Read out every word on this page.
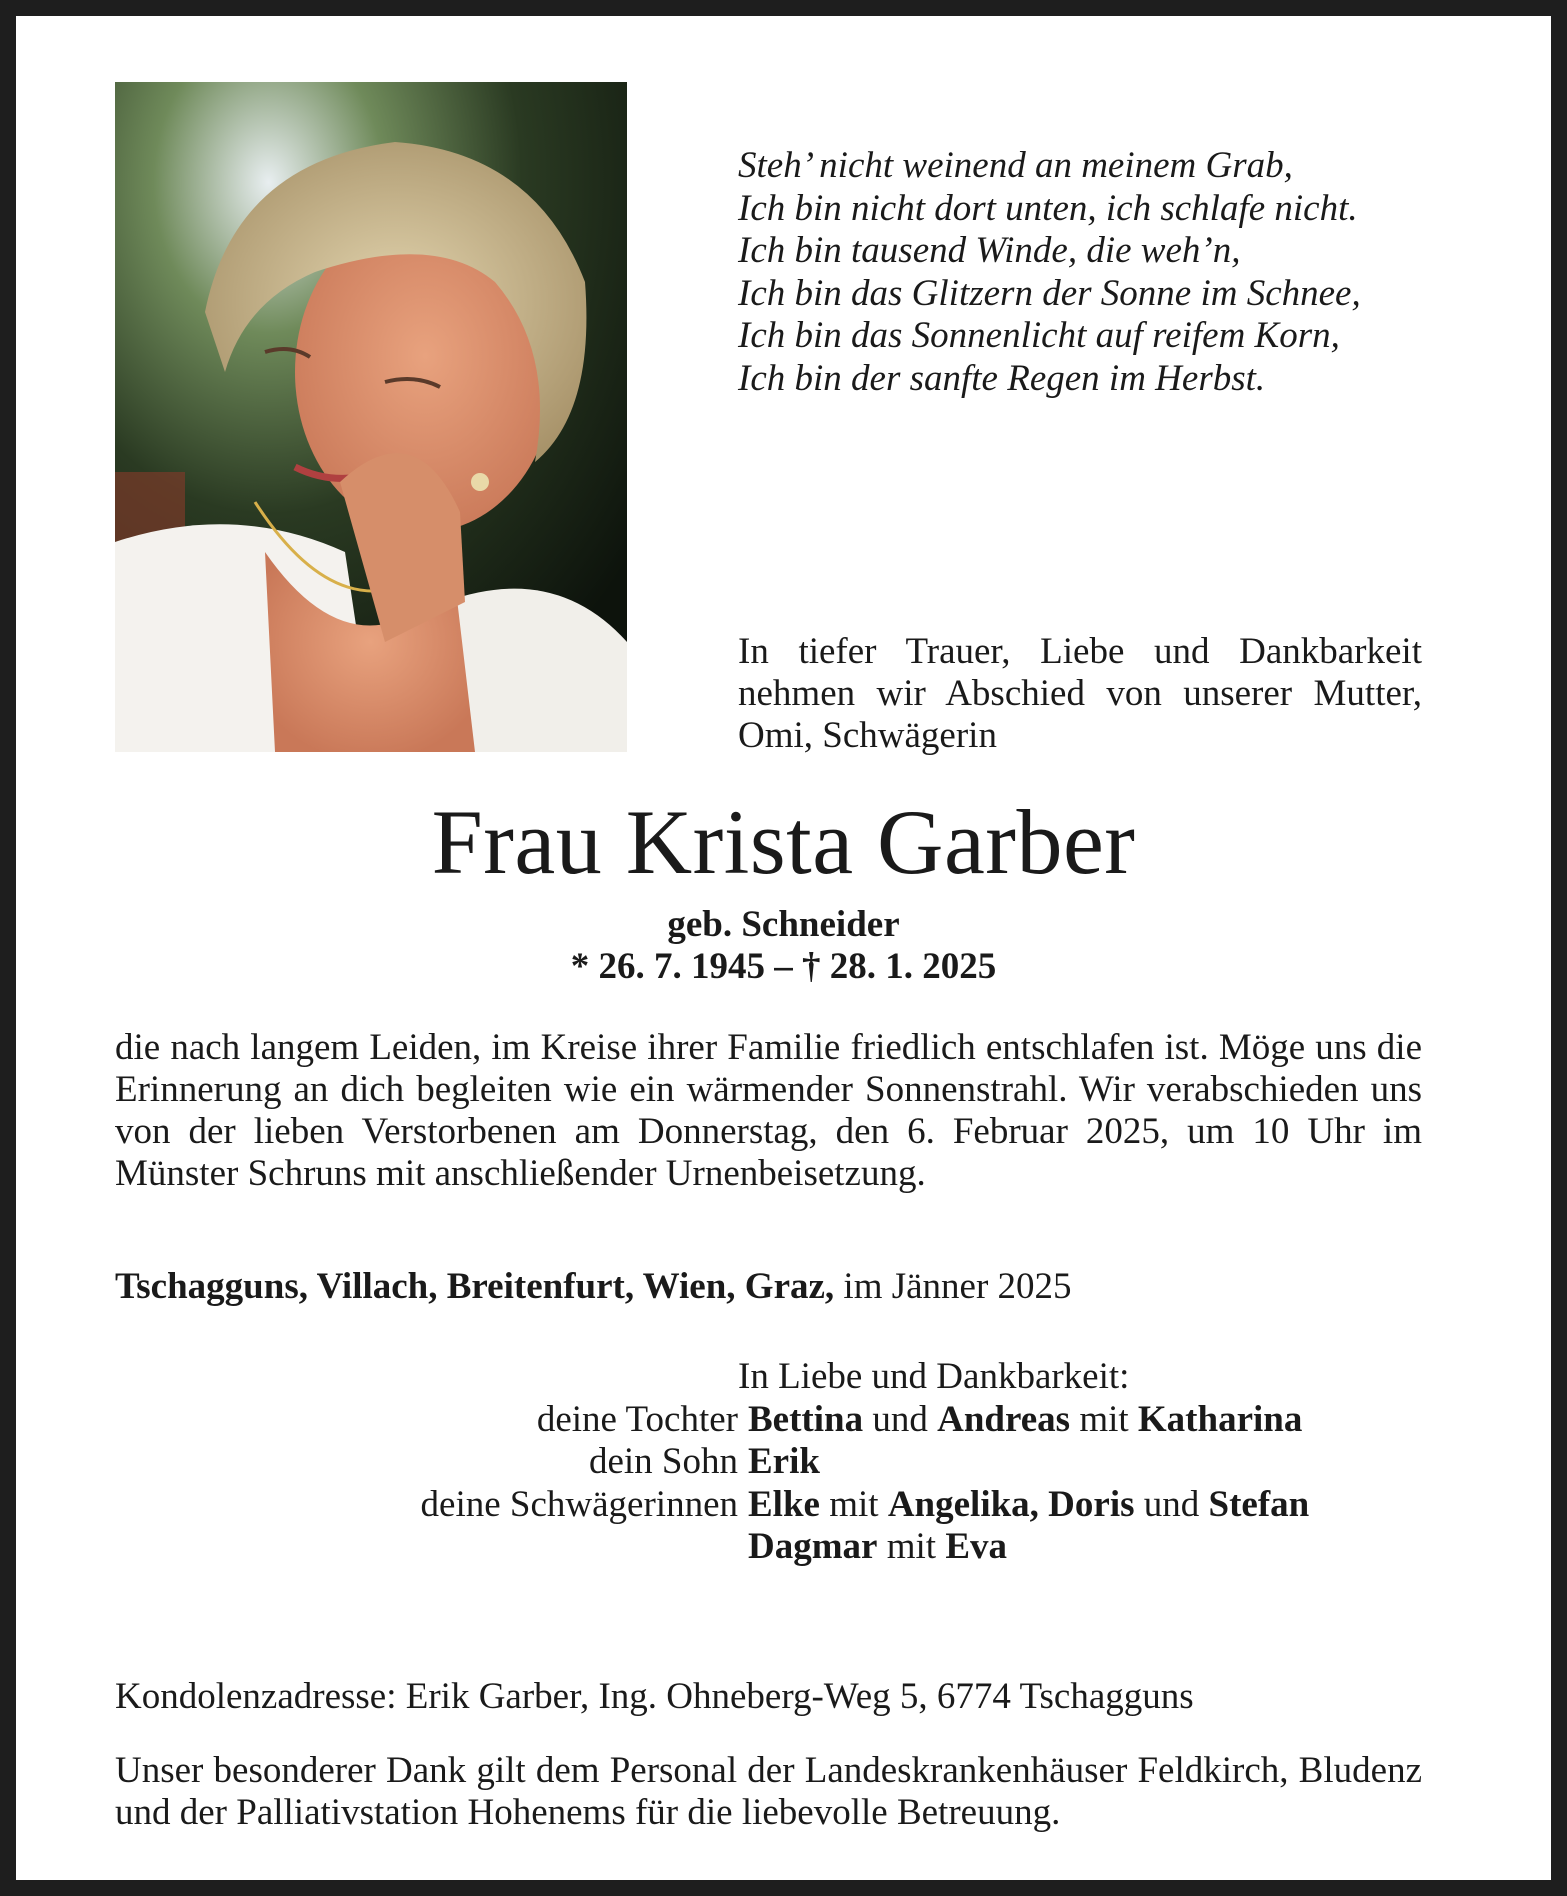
Steh’ nicht weinend an meinem Grab,
Ich bin nicht dort unten, ich schlafe nicht.
Ich bin tausend Winde, die weh’n,
Ich bin das Glitzern der Sonne im Schnee,
Ich bin das Sonnenlicht auf reifem Korn,
Ich bin der sanfte Regen im Herbst.
In tiefer Trauer, Liebe und Dankbarkeit nehmen wir Abschied von unserer Mutter, Omi, Schwägerin
Frau Krista Garber
geb. Schneider
* 26. 7. 1945 – † 28. 1. 2025
die nach langem Leiden, im Kreise ihrer Familie friedlich entschlafen ist. Möge uns die Erinnerung an dich begleiten wie ein wärmender Sonnenstrahl. Wir verabschieden uns von der lieben Verstorbenen am Donnerstag, den 6. Februar 2025, um 10 Uhr im Münster Schruns mit anschließender Urnenbeisetzung.
Tschagguns, Villach, Breitenfurt, Wien, Graz, im Jänner 2025
In Liebe und Dankbarkeit:
deine Tochter Bettina und Andreas mit Katharina
dein Sohn Erik
deine Schwägerinnen Elke mit Angelika, Doris und Stefan
Dagmar mit Eva
Kondolenzadresse: Erik Garber, Ing. Ohneberg-Weg 5, 6774 Tschagguns
Unser besonderer Dank gilt dem Personal der Landeskrankenhäuser Feldkirch, Bludenz und der Palliativstation Hohenems für die liebevolle Betreuung.
